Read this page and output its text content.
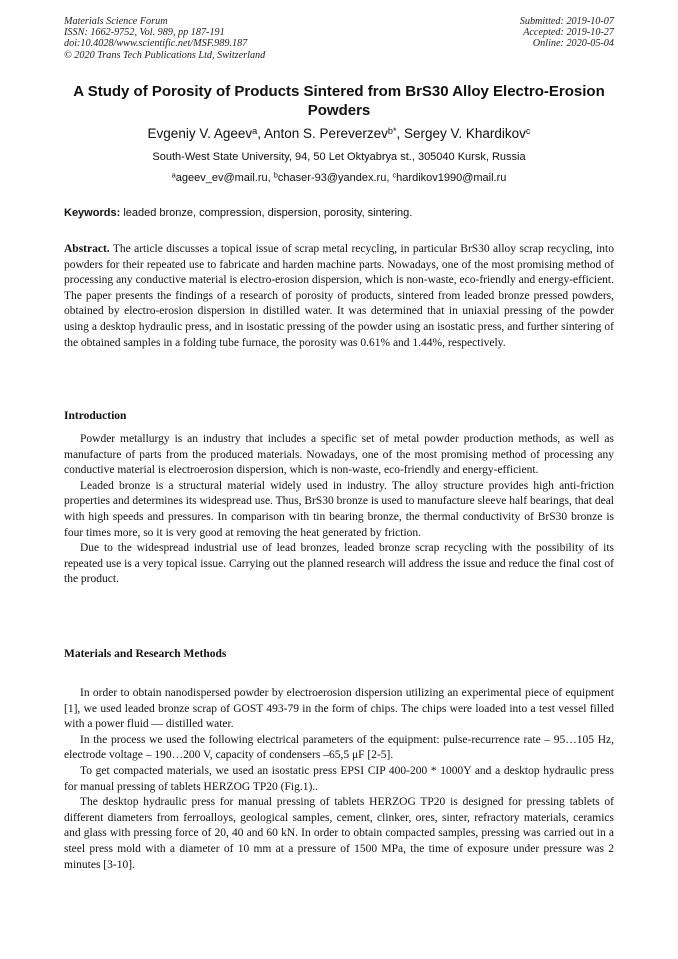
Materials Science Forum
ISSN: 1662-9752, Vol. 989, pp 187-191
doi:10.4028/www.scientific.net/MSF.989.187
© 2020 Trans Tech Publications Ltd, Switzerland
Submitted: 2019-10-07
Accepted: 2019-10-27
Online: 2020-05-04
A Study of Porosity of Products Sintered from BrS30 Alloy Electro-Erosion Powders
Evgeniy V. Ageev$^a$, Anton S. Pereverzev$^{b*}$, Sergey V. Khardikov$^c$
South-West State University, 94, 50 Let Oktyabrya st., 305040 Kursk, Russia
$^a$ageev_ev@mail.ru, $^b$chaser-93@yandex.ru, $^c$hardikov1990@mail.ru
Keywords: leaded bronze, compression, dispersion, porosity, sintering.
Abstract. The article discusses a topical issue of scrap metal recycling, in particular BrS30 alloy scrap recycling, into powders for their repeated use to fabricate and harden machine parts. Nowadays, one of the most promising method of processing any conductive material is electro-erosion dispersion, which is non-waste, eco-friendly and energy-efficient. The paper presents the findings of a research of porosity of products, sintered from leaded bronze pressed powders, obtained by electro-erosion dispersion in distilled water. It was determined that in uniaxial pressing of the powder using a desktop hydraulic press, and in isostatic pressing of the powder using an isostatic press, and further sintering of the obtained samples in a folding tube furnace, the porosity was 0.61% and 1.44%, respectively.
Introduction

Powder metallurgy is an industry that includes a specific set of metal powder production methods, as well as manufacture of parts from the produced materials. Nowadays, one of the most promising method of processing any conductive material is electroerosion dispersion, which is non-waste, eco-friendly and energy-efficient.

Leaded bronze is a structural material widely used in industry. The alloy structure provides high anti-friction properties and determines its widespread use. Thus, BrS30 bronze is used to manufacture sleeve half bearings, that deal with high speeds and pressures. In comparison with tin bearing bronze, the thermal conductivity of BrS30 bronze is four times more, so it is very good at removing the heat generated by friction.

Due to the widespread industrial use of lead bronzes, leaded bronze scrap recycling with the possibility of its repeated use is a very topical issue. Carrying out the planned research will address the issue and reduce the final cost of the product.

Materials and Research Methods

In order to obtain nanodispersed powder by electroerosion dispersion utilizing an experimental piece of equipment [1], we used leaded bronze scrap of GOST 493-79 in the form of chips. The chips were loaded into a test vessel filled with a power fluid — distilled water.

In the process we used the following electrical parameters of the equipment: pulse-recurrence rate – 95…105 Hz, electrode voltage – 190…200 V, capacity of condensers –65,5 μF [2-5].

To get compacted materials, we used an isostatic press EPSI CIP 400-200 * 1000Y and a desktop hydraulic press for manual pressing of tablets HERZOG TP20 (Fig.1)..

The desktop hydraulic press for manual pressing of tablets HERZOG TP20 is designed for pressing tablets of different diameters from ferroalloys, geological samples, cement, clinker, ores, sinter, refractory materials, ceramics and glass with pressing force of 20, 40 and 60 kN. In order to obtain compacted samples, pressing was carried out in a steel press mold with a diameter of 10 mm at a pressure of 1500 MPa, the time of exposure under pressure was 2 minutes [3-10].
